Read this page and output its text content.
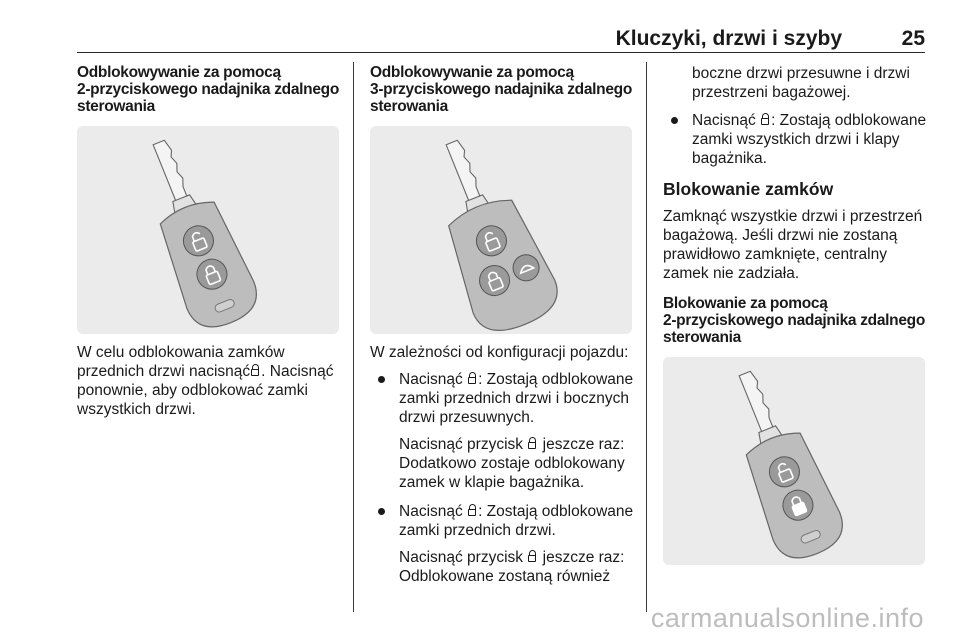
Kluczyki, drzwi i szyby	25
Odblokowywanie za pomocą
2-przyciskowego nadajnika zdalnego
sterowania

W celu odblokowania zamków przednich drzwi nacisnąć . Nacisnąć ponownie, aby odblokować zamki wszystkich drzwi.

Odblokowywanie za pomocą
3-przyciskowego nadajnika zdalnego
sterowania

W zależności od konfiguracji pojazdu:

Nacisnąć : Zostają odblokowane zamki przednich drzwi i bocznych drzwi przesuwnych.
Nacisnąć przycisk jeszcze raz: Dodatkowo zostaje odblokowany zamek w klapie bagażnika.
Nacisnąć : Zostają odblokowane zamki przednich drzwi.
Nacisnąć przycisk jeszcze raz: Odblokowane zostaną również

boczne drzwi przesuwne i drzwi przestrzeni bagażowej.

Nacisnąć : Zostają odblokowane zamki wszystkich drzwi i klapy bagażnika.
Blokowanie zamków

Zamknąć wszystkie drzwi i przestrzeń bagażową. Jeśli drzwi nie zostaną prawidłowo zamknięte, centralny zamek nie zadziała.

Blokowanie za pomocą
2-przyciskowego nadajnika zdalnego
sterowania
carmanualsonline.info
